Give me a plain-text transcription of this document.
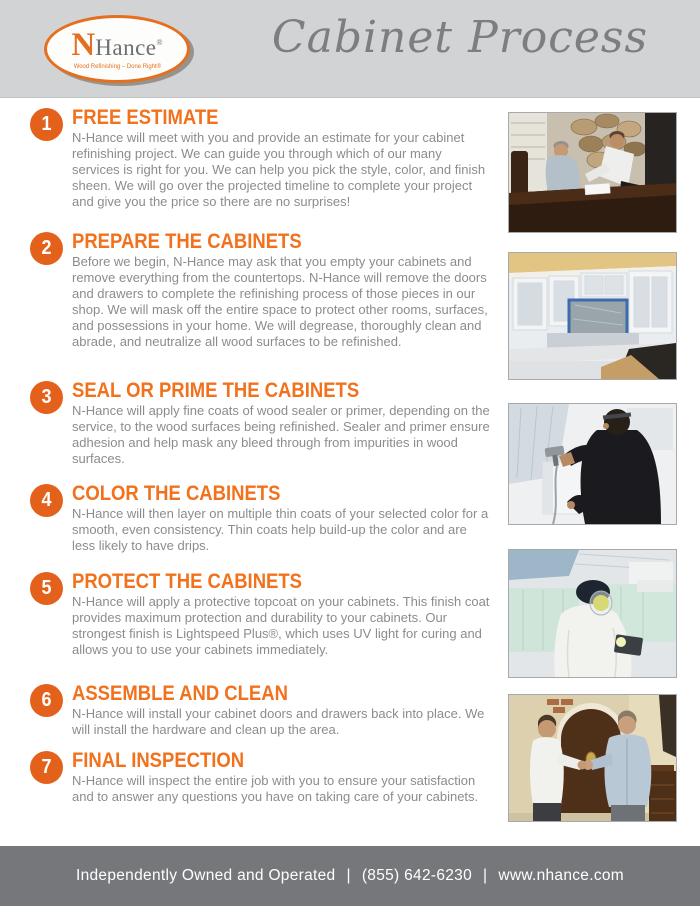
N Hance ®
Wood Refinishing – Done Right®
Cabinet Process
1 FREE ESTIMATE
N-Hance will meet with you and provide an estimate for your cabinet refinishing project. We can guide you through which of our many services is right for you. We can help you pick the style, color, and finish sheen. We will go over the projected timeline to complete your project and give you the price so there are no surprises!
2 PREPARE THE CABINETS
Before we begin, N-Hance may ask that you empty your cabinets and remove everything from the countertops. N-Hance will remove the doors and drawers to complete the refinishing process of those pieces in our shop. We will mask off the entire space to protect other rooms, surfaces, and possessions in your home. We will degrease, thoroughly clean and abrade, and neutralize all wood surfaces to be refinished.
3 SEAL OR PRIME THE CABINETS
N-Hance will apply fine coats of wood sealer or primer, depending on the service, to the wood surfaces being refinished. Sealer and primer ensure adhesion and help mask any bleed through from impurities in wood surfaces.
4 COLOR THE CABINETS
N-Hance will then layer on multiple thin coats of your selected color for a smooth, even consistency. Thin coats help build-up the color and are less likely to have drips.
5 PROTECT THE CABINETS
N-Hance will apply a protective topcoat on your cabinets. This finish coat provides maximum protection and durability to your cabinets. Our strongest finish is Lightspeed Plus®, which uses UV light for curing and allows you to use your cabinets immediately.
6 ASSEMBLE AND CLEAN
N-Hance will install your cabinet doors and drawers back into place. We will install the hardware and clean up the area.
7 FINAL INSPECTION
N-Hance will inspect the entire job with you to ensure your satisfaction and to answer any questions you have on taking care of your cabinets.
Independently Owned and Operated | (855) 642-6230 | www.nhance.com
